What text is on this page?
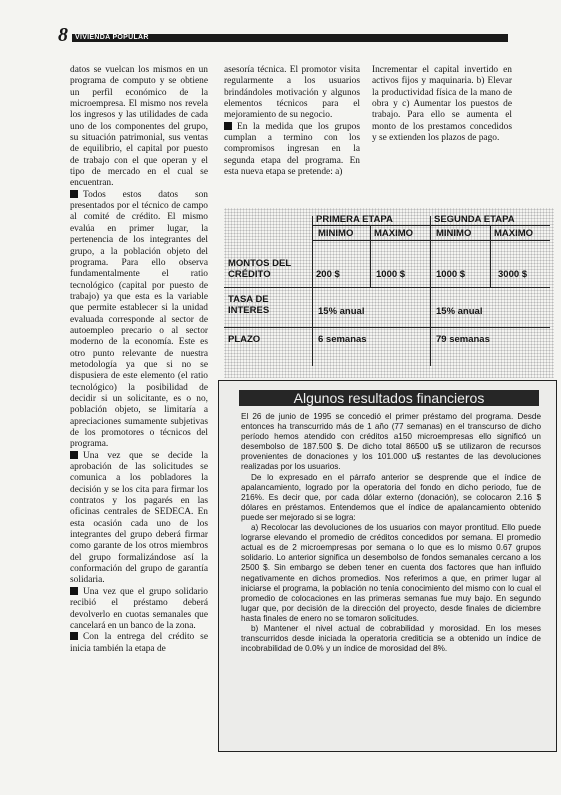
8 VIVIENDA POPULAR

datos se vuelcan los mismos en un programa de computo y se obtiene un perfil económico de la microempresa. El mismo nos revela los ingresos y las utilidades de cada uno de los componentes del grupo, su situación patrimonial, sus ventas de equilibrio, el capital por puesto de trabajo con el que operan y el tipo de mercado en el cual se encuentran.

Todos estos datos son presentados por el técnico de campo al comité de crédito. El mismo evalúa en primer lugar, la pertenencia de los integrantes del grupo, a la población objeto del programa. Para ello observa fundamentalmente el ratio tecnológico (capital por puesto de trabajo) ya que esta es la variable que permite establecer si la unidad evaluada corresponde al sector de autoempleo precario o al sector moderno de la economía. Este es otro punto relevante de nuestra metodología ya que si no se dispusiera de este elemento (el ratio tecnológico) la posibilidad de decidir si un solicitante, es o no, población objeto, se limitaría a apreciaciones sumamente subjetivas de los promotores o técnicos del programa.

Una vez que se decide la aprobación de las solicitudes se comunica a los pobladores la decisión y se los cita para firmar los contratos y los pagarés en las oficinas centrales de SEDECA. En esta ocasión cada uno de los integrantes del grupo deberá firmar como garante de los otros miembros del grupo formalizándose así la conformación del grupo de garantía solidaria.

Una vez que el grupo solidario recibió el préstamo deberá devolverlo en cuotas semanales que cancelará en un banco de la zona.

Con la entrega del crédito se inicia también la etapa de

asesoría técnica. El promotor visita regularmente a los usuarios brindándoles motivación y algunos elementos técnicos para el mejoramiento de su negocio.

En la medida que los grupos cumplan a termino con los compromisos ingresan en la segunda etapa del programa. En esta nueva etapa se pretende: a)

Incrementar el capital invertido en activos fijos y maquinaria. b) Elevar la productividad física de la mano de obra y c) Aumentar los puestos de trabajo. Para ello se aumenta el monto de los prestamos concedidos y se extienden los plazos de pago.

PRIMERA ETAPA	SEGUNDA ETAPA
MINIMO MAXIMO MINIMO MAXIMO
MONTOS DEL CRÉDITO	200 $	1000 $	1000 $	3000 $
TASA DE INTERES	15% anual	15% anual
PLAZO	6 semanas	79 semanas
Algunos resultados financieros

El 26 de junio de 1995 se concedió el primer préstamo del programa. Desde entonces ha transcurrido más de 1 año (77 semanas) en el transcurso de dicho período hemos atendido con créditos a150 microempresas ello significó un desembolso de 187.500 $. De dicho total 86500 u$ se utilizaron de recursos provenientes de donaciones y los 101.000 u$ restantes de las devoluciones realizadas por los usuarios.

De lo expresado en el párrafo anterior se desprende que el índice de apalancamiento, logrado por la operatoria del fondo en dicho periodo, fue de 216%. Es decir que, por cada dólar externo (donación), se colocaron 2.16 $ dólares en préstamos. Entendemos que el índice de apalancamiento obtenido puede ser mejorado si se logra:

a) Recolocar las devoluciones de los usuarios con mayor prontitud. Ello puede lograrse elevando el promedio de créditos concedidos por semana. El promedio actual es de 2 microempresas por semana o lo que es lo mismo 0.67 grupos solidario. Lo anterior significa un desembolso de fondos semanales cercano a los 2500 $. Sin embargo se deben tener en cuenta dos factores que han influido negativamente en dichos promedios. Nos referimos a que, en primer lugar al iniciarse el programa, la población no tenía conocimiento del mismo con lo cual el promedio de colocaciones en las primeras semanas fue muy bajo. En segundo lugar que, por decisión de la dirección del proyecto, desde finales de diciembre hasta finales de enero no se tomaron solicitudes.

b) Mantener el nivel actual de cobrabilidad y morosidad. En los meses transcurridos desde iniciada la operatoria crediticia se a obtenido un índice de incobrabilidad de 0.0% y un índice de morosidad del 8%.
